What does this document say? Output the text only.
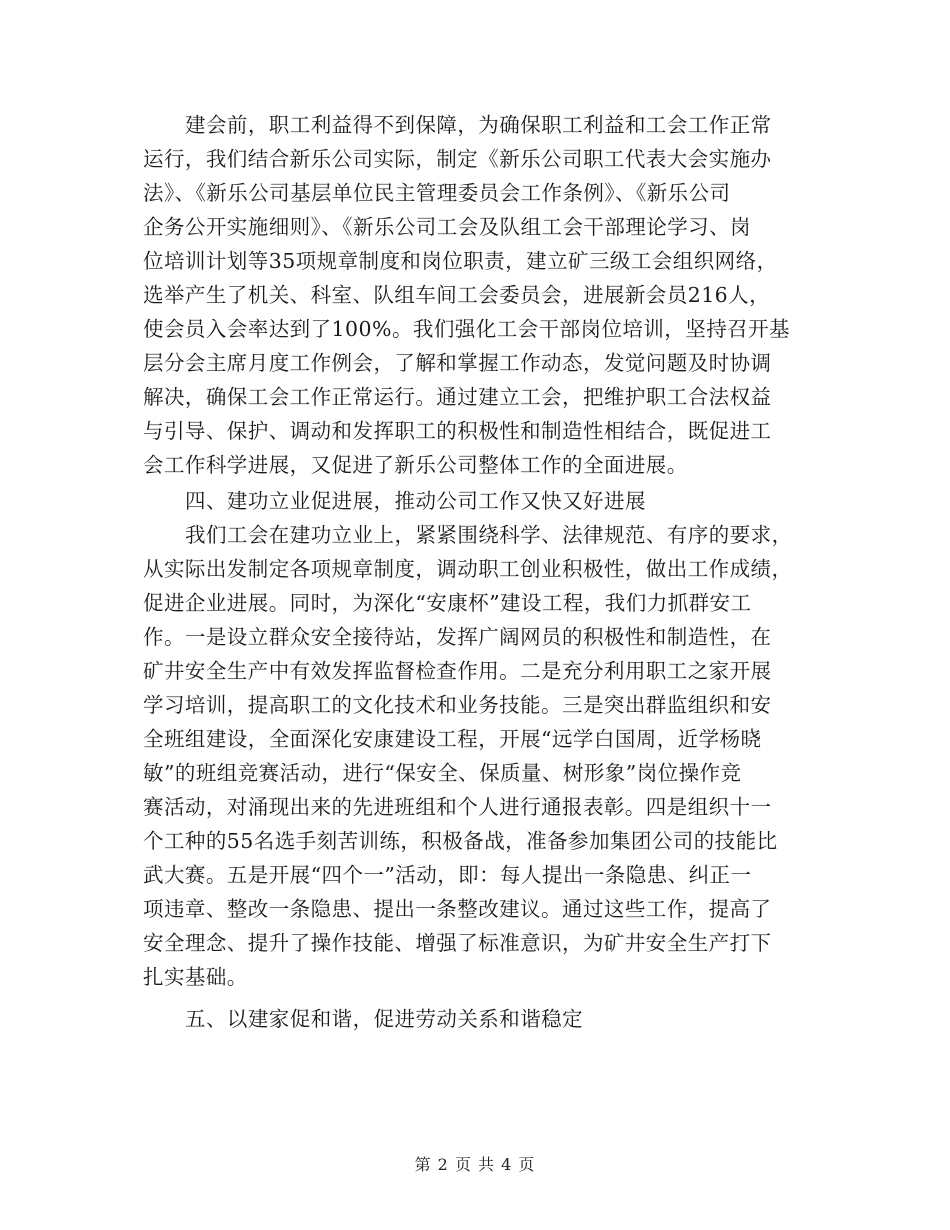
建会前，职工利益得不到保障，为确保职工利益和工会工作正常
运行，我们结合新乐公司实际，制定《新乐公司职工代表大会实施办
法》、《新乐公司基层单位民主管理委员会工作条例》、《新乐公司
企务公开实施细则》、《新乐公司工会及队组工会干部理论学习、岗
位培训计划等35项规章制度和岗位职责，建立矿三级工会组织网络，
选举产生了机关、科室、队组车间工会委员会，进展新会员216人，
使会员入会率达到了100%。我们强化工会干部岗位培训，坚持召开基
层分会主席月度工作例会，了解和掌握工作动态，发觉问题及时协调
解决，确保工会工作正常运行。通过建立工会，把维护职工合法权益
与引导、保护、调动和发挥职工的积极性和制造性相结合，既促进工
会工作科学进展，又促进了新乐公司整体工作的全面进展。
四、建功立业促进展，推动公司工作又快又好进展
我们工会在建功立业上，紧紧围绕科学、法律规范、有序的要求，
从实际出发制定各项规章制度，调动职工创业积极性，做出工作成绩，
促进企业进展。同时，为深化“安康杯”建设工程，我们力抓群安工
作。一是设立群众安全接待站，发挥广阔网员的积极性和制造性，在
矿井安全生产中有效发挥监督检查作用。二是充分利用职工之家开展
学习培训，提高职工的文化技术和业务技能。三是突出群监组织和安
全班组建设，全面深化安康建设工程，开展“远学白国周，近学杨晓
敏”的班组竞赛活动，进行“保安全、保质量、树形象”岗位操作竞
赛活动，对涌现出来的先进班组和个人进行通报表彰。四是组织十一
个工种的55名选手刻苦训练，积极备战，准备参加集团公司的技能比
武大赛。五是开展“四个一”活动，即：每人提出一条隐患、纠正一
项违章、整改一条隐患、提出一条整改建议。通过这些工作，提高了
安全理念、提升了操作技能、增强了标准意识，为矿井安全生产打下
扎实基础。
五、以建家促和谐，促进劳动关系和谐稳定
第 2 页 共 4 页
